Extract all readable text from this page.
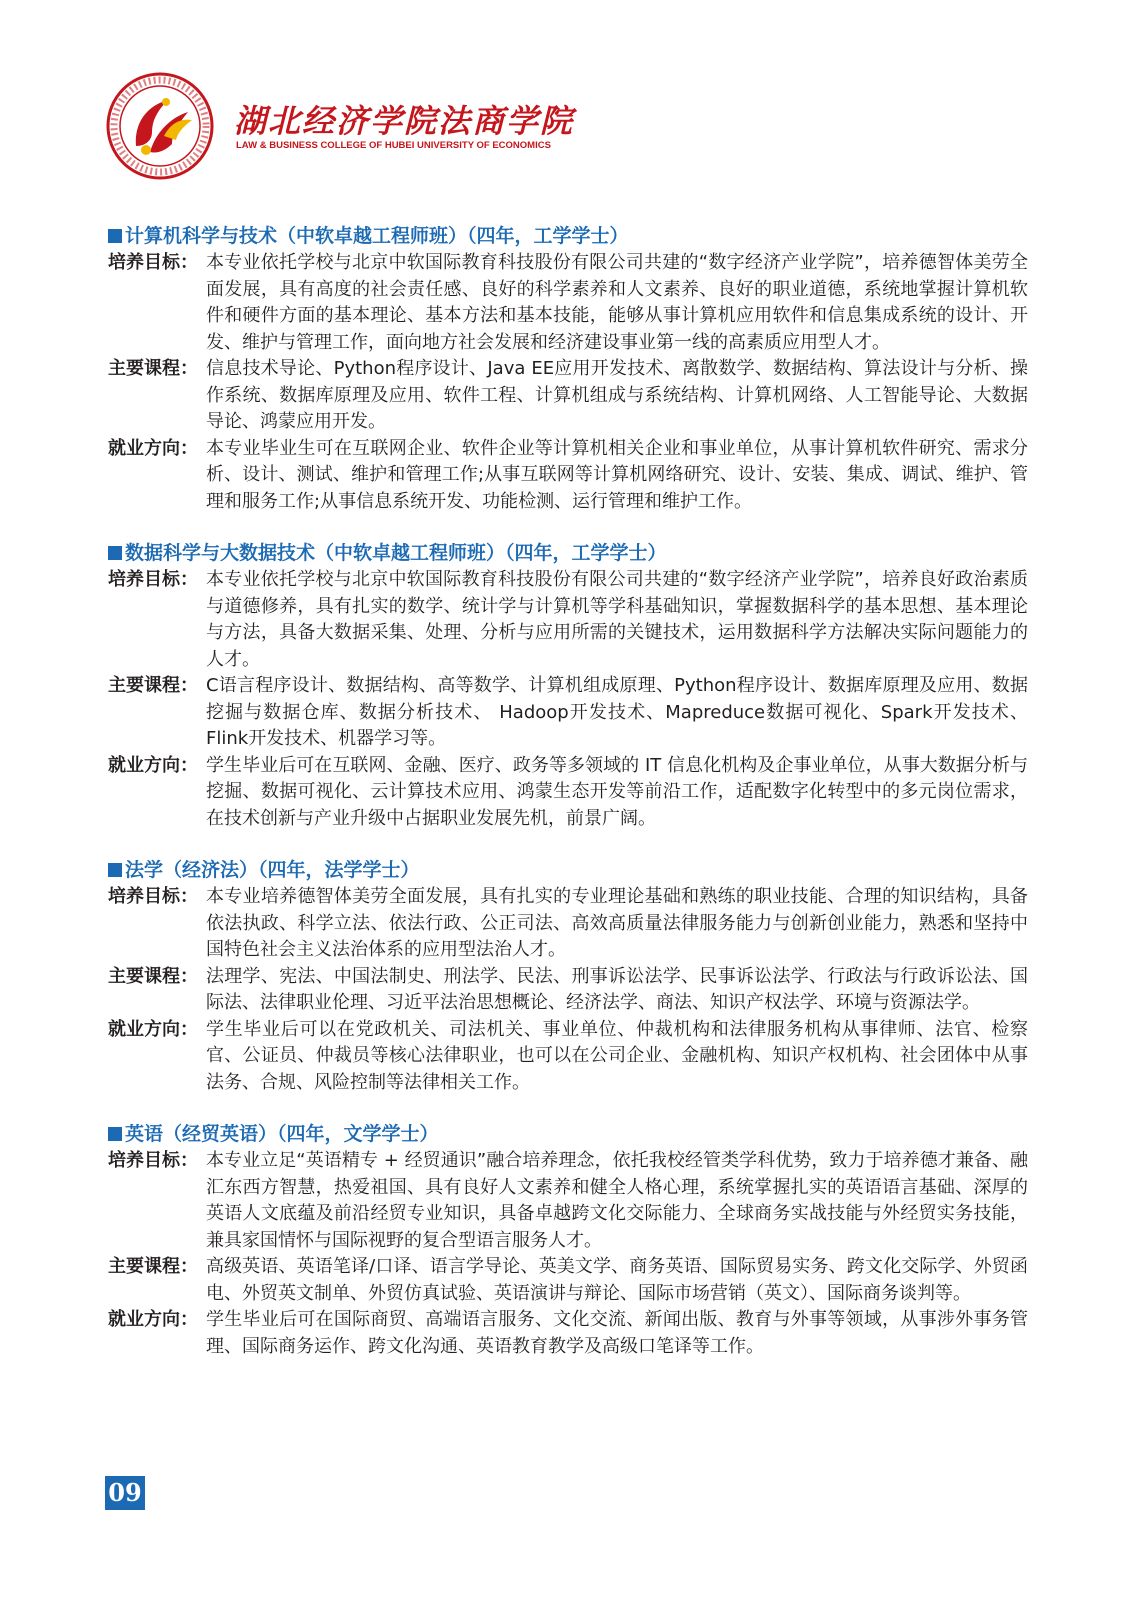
湖北经济学院法商学院
LAW & BUSINESS COLLEGE OF HUBEI UNIVERSITY OF ECONOMICS
计算机科学与技术（中软卓越工程师班）（四年，工学学士）
培养目标： 本专业依托学校与北京中软国际教育科技股份有限公司共建的“数字经济产业学院”，培养德智体美劳全面发展，具有高度的社会责任感、良好的科学素养和人文素养、良好的职业道德，系统地掌握计算机软件和硬件方面的基本理论、基本方法和基本技能，能够从事计算机应用软件和信息集成系统的设计、开发、维护与管理工作，面向地方社会发展和经济建设事业第一线的高素质应用型人才。
主要课程： 信息技术导论、Python程序设计、Java EE应用开发技术、离散数学、数据结构、算法设计与分析、操作系统、数据库原理及应用、软件工程、计算机组成与系统结构、计算机网络、人工智能导论、大数据导论、鸿蒙应用开发。
就业方向： 本专业毕业生可在互联网企业、软件企业等计算机相关企业和事业单位，从事计算机软件研究、需求分析、设计、测试、维护和管理工作;从事互联网等计算机网络研究、设计、安装、集成、调试、维护、管理和服务工作;从事信息系统开发、功能检测、运行管理和维护工作。
数据科学与大数据技术（中软卓越工程师班）（四年，工学学士）
培养目标： 本专业依托学校与北京中软国际教育科技股份有限公司共建的“数字经济产业学院”，培养良好政治素质与道德修养，具有扎实的数学、统计学与计算机等学科基础知识，掌握数据科学的基本思想、基本理论与方法，具备大数据采集、处理、分析与应用所需的关键技术，运用数据科学方法解决实际问题能力的人才。
主要课程： C语言程序设计、数据结构、高等数学、计算机组成原理、Python程序设计、数据库原理及应用、数据挖掘与数据仓库、数据分析技术、 Hadoop开发技术、Mapreduce数据可视化、Spark开发技术、Flink开发技术、机器学习等。
就业方向： 学生毕业后可在互联网、金融、医疗、政务等多领域的 IT 信息化机构及企事业单位，从事大数据分析与挖掘、数据可视化、云计算技术应用、鸿蒙生态开发等前沿工作，适配数字化转型中的多元岗位需求，在技术创新与产业升级中占据职业发展先机，前景广阔。
法学（经济法）（四年，法学学士）
培养目标： 本专业培养德智体美劳全面发展，具有扎实的专业理论基础和熟练的职业技能、合理的知识结构，具备依法执政、科学立法、依法行政、公正司法、高效高质量法律服务能力与创新创业能力，熟悉和坚持中国特色社会主义法治体系的应用型法治人才。
主要课程： 法理学、宪法、中国法制史、刑法学、民法、刑事诉讼法学、民事诉讼法学、行政法与行政诉讼法、国际法、法律职业伦理、习近平法治思想概论、经济法学、商法、知识产权法学、环境与资源法学。
就业方向： 学生毕业后可以在党政机关、司法机关、事业单位、仲裁机构和法律服务机构从事律师、法官、检察官、公证员、仲裁员等核心法律职业，也可以在公司企业、金融机构、知识产权机构、社会团体中从事法务、合规、风险控制等法律相关工作。
英语（经贸英语）（四年，文学学士）
培养目标： 本专业立足“英语精专 + 经贸通识”融合培养理念，依托我校经管类学科优势，致力于培养德才兼备、融汇东西方智慧，热爱祖国、具有良好人文素养和健全人格心理，系统掌握扎实的英语语言基础、深厚的英语人文底蕴及前沿经贸专业知识，具备卓越跨文化交际能力、全球商务实战技能与外经贸实务技能，兼具家国情怀与国际视野的复合型语言服务人才。
主要课程： 高级英语、英语笔译/口译、语言学导论、英美文学、商务英语、国际贸易实务、跨文化交际学、外贸函电、外贸英文制单、外贸仿真试验、英语演讲与辩论、国际市场营销（英文）、国际商务谈判等。
就业方向： 学生毕业后可在国际商贸、高端语言服务、文化交流、新闻出版、教育与外事等领域，从事涉外事务管理、国际商务运作、跨文化沟通、英语教育教学及高级口笔译等工作。
09
